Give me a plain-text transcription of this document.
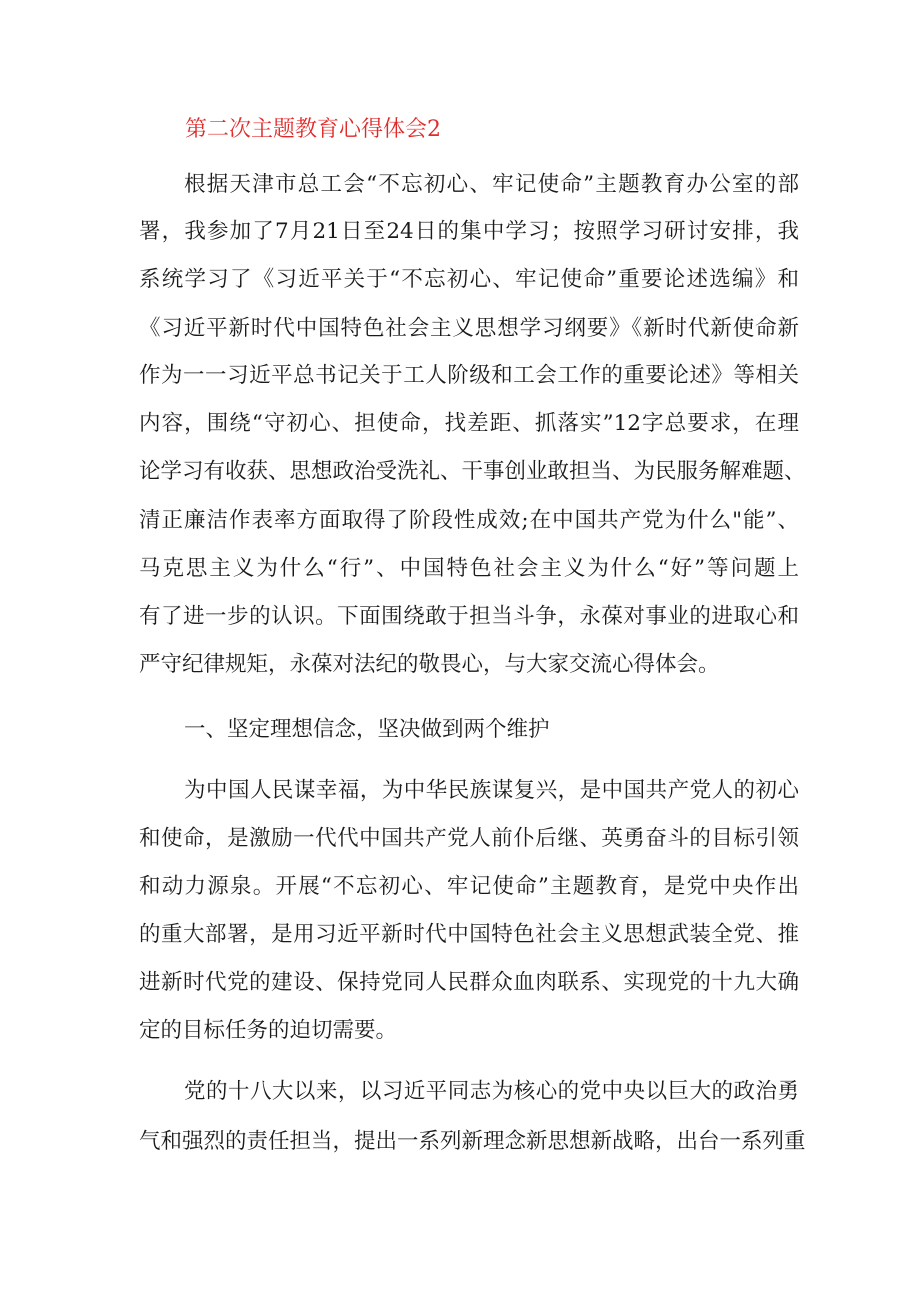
第二次主题教育心得体会2

根据天津市总工会“不忘初心、牢记使命”主题教育办公室的部

署，我参加了7月21日至24日的集中学习；按照学习研讨安排，我

系统学习了《习近平关于“不忘初心、牢记使命”重要论述选编》和

《习近平新时代中国特色社会主义思想学习纲要》《新时代新使命新

作为一一习近平总书记关于工人阶级和工会工作的重要论述》等相关

内容，围绕“守初心、担使命，找差距、抓落实”12字总要求，在理

论学习有收获、思想政治受洗礼、干事创业敢担当、为民服务解难题、

清正廉洁作表率方面取得了阶段性成效;在中国共产党为什么"能”、

马克思主义为什么“行”、中国特色社会主义为什么“好”等问题上

有了进一步的认识。下面围绕敢于担当斗争，永葆对事业的进取心和

严守纪律规矩，永葆对法纪的敬畏心，与大家交流心得体会。

一、坚定理想信念，坚决做到两个维护

为中国人民谋幸福，为中华民族谋复兴，是中国共产党人的初心

和使命，是激励一代代中国共产党人前仆后继、英勇奋斗的目标引领

和动力源泉。开展“不忘初心、牢记使命”主题教育，是党中央作出

的重大部署，是用习近平新时代中国特色社会主义思想武装全党、推

进新时代党的建设、保持党同人民群众血肉联系、实现党的十九大确

定的目标任务的迫切需要。

党的十八大以来，以习近平同志为核心的党中央以巨大的政治勇

气和强烈的责任担当，提出一系列新理念新思想新战略，出台一系列重
